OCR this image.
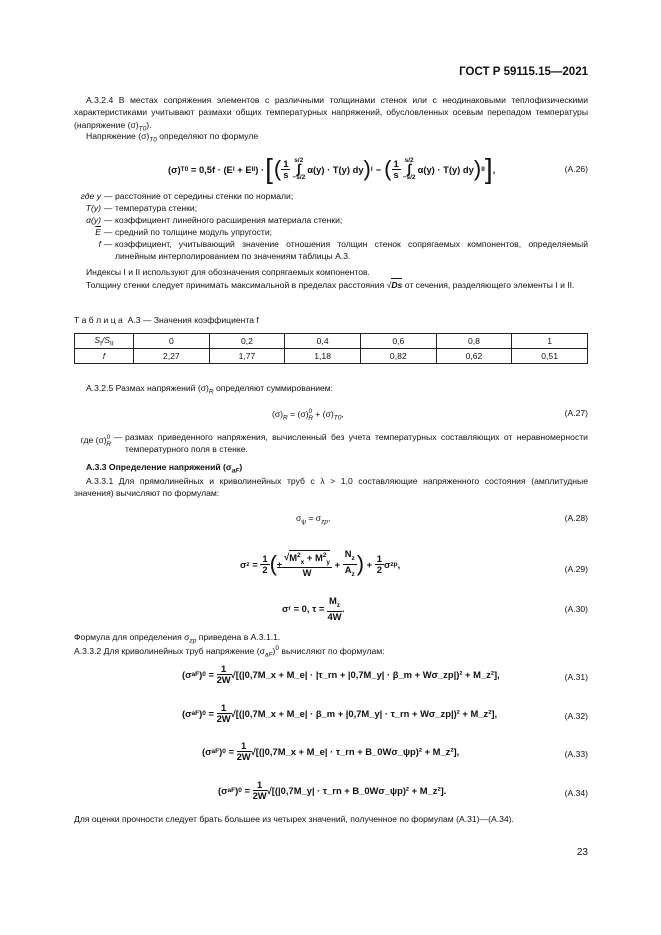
ГОСТ Р 59115.15—2021
А.3.2.4 В местах сопряжения элементов с различными толщинами стенок или с неодинаковыми теплофизическими характеристиками учитывают размахи общих температурных напряжений, обусловленных осевым перепадом температуры (напряжение $(\sigma)_{T0}$).
Напряжение $(\sigma)_{T0}$ определяют по формуле
(σ) T0
= 0,5f · (E I
+ E II ) · [ ( $\frac{1}{s} s/2$
∫
−s/2
α(y) · T(y) dy ) I − ( $\frac{1}{s} s/2$
∫
−s/2
α(y) · T(y) dy ) II ] ,	(А.26)
где y — расстояние от середины стенки по нормали;
T(y) — температура стенки;
α(y) — коэффициент линейного расширения материала стенки;
$\overline{E}$ — средний по толщине модуль упругости;
f — коэффициент, учитывающий значение отношения толщин стенок сопрягаемых компонентов, определяемый линейным интерполированием по значениям таблицы А.3.
Индексы I и II используют для обозначения сопрягаемых компонентов.
Толщину стенки следует принимать максимальной в пределах расстояния √Ds от сечения, разделяющего элементы I и II.
Т а б л и ц а А.3 — Значения коэффициента f
$S_I/S_{II}$	0	0,2	0,4	0,6	0,8	1
f	2,27	1,77	1,18	0,82	0,62	0,51
А.3.2.5 Размах напряжений $(\sigma)_R$ определяют суммированием:
$(\sigma)_R = (\sigma)^0_R + (\sigma)_{T0}$,	(А.27)
где $(\sigma)^0_R$
— размах приведенного напряжения, вычисленный без учета температурных составляющих от неравномерности температурного поля в стенке.
А.3.3 Определение напряжений $(\sigma_{aF})$
А.3.3.1 Для прямолинейных и криволинейных труб с λ > 1,0 составляющие напряженного состояния (амплитудные значения) вычисляют по формулам:
$\sigma_\psi = \sigma_{zp}$,	(А.28)
σ $z = \frac{1}{2}$ ( ± $\frac{√M^2_x + M^2_y}{W} + \frac{N_z}{A_z}$ ) + $\frac{1}{2}$ σ zp ,	(А.29)
σ r
= 0, τ =
$\frac{M_z}{4W}$ .	(А.30)
Формула для определения $\sigma_{zp}$ приведена в А.3.1.1.
А.3.3.2 Для криволинейных труб напряжение $(\sigma_{aF})^0$ вычисляют по формулам:
(σ aF ) 0
=
$\frac{1}{2W}$ √[(|0,7M_x + M_e| · |τ_rn + |0,7M_y| · β_m + Wσ_zp|)² + M_z²] ,	(А.31)
(σ aF ) 0
=
$\frac{1}{2W}$ √[(|0,7M_x + M_e| · β_m + |0,7M_y| · τ_rn + Wσ_zp|)² + M_z²] ,	(А.32)
(σ aF ) 0
=
$\frac{1}{2W}$ √[(|0,7M_x + M_e| · τ_rn + B_0Wσ_ψp)² + M_z²] ,	(А.33)
(σ aF ) 0
=
$\frac{1}{2W}$ √[(|0,7M_y| · τ_rn + B_0Wσ_ψp)² + M_z²] .	(А.34)
Для оценки прочности следует брать большее из четырех значений, полученное по формулам (А.31)—(А.34).
23
